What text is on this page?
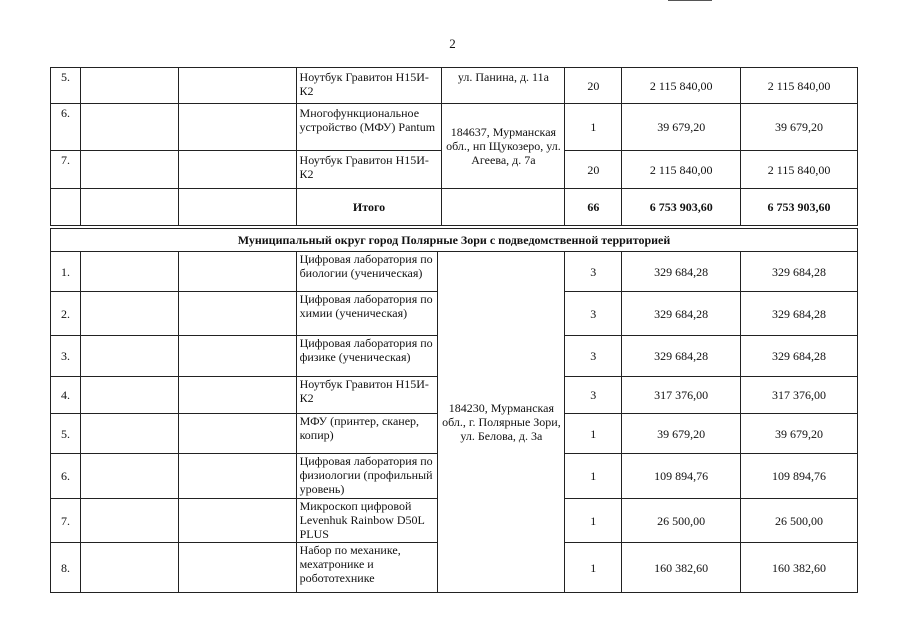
2
5.			Ноутбук Гравитон Н15И-К2	ул. Панина, д. 11а	20	2 115 840,00	2 115 840,00
6.			Многофункциональное устройство (МФУ) Pantum	184637, Мурманская обл., нп Щукозеро, ул. Агеева, д. 7а	1	39 679,20	39 679,20
7.			Ноутбук Гравитон Н15И-К2		20	2 115 840,00	2 115 840,00
			Итого		66	6 753 903,60	6 753 903,60
Муниципальный округ город Полярные Зори с подведомственной территорией							
1.			Цифровая лаборатория по биологии (ученическая)	184230, Мурманская обл., г. Полярные Зори, ул. Белова, д. 3а	3	329 684,28	329 684,28
2.			Цифровая лаборатория по химии (ученическая)		3	329 684,28	329 684,28
3.			Цифровая лаборатория по физике (ученическая)		3	329 684,28	329 684,28
4.			Ноутбук Гравитон Н15И-К2		3	317 376,00	317 376,00
5.			МФУ (принтер, сканер, копир)		1	39 679,20	39 679,20
6.			Цифровая лаборатория по физиологии (профильный уровень)		1	109 894,76	109 894,76
7.			Микроскоп цифровой Levenhuk Rainbow D50L PLUS		1	26 500,00	26 500,00
8.			Набор по механике, мехатронике и робототехнике		1	160 382,60	160 382,60
